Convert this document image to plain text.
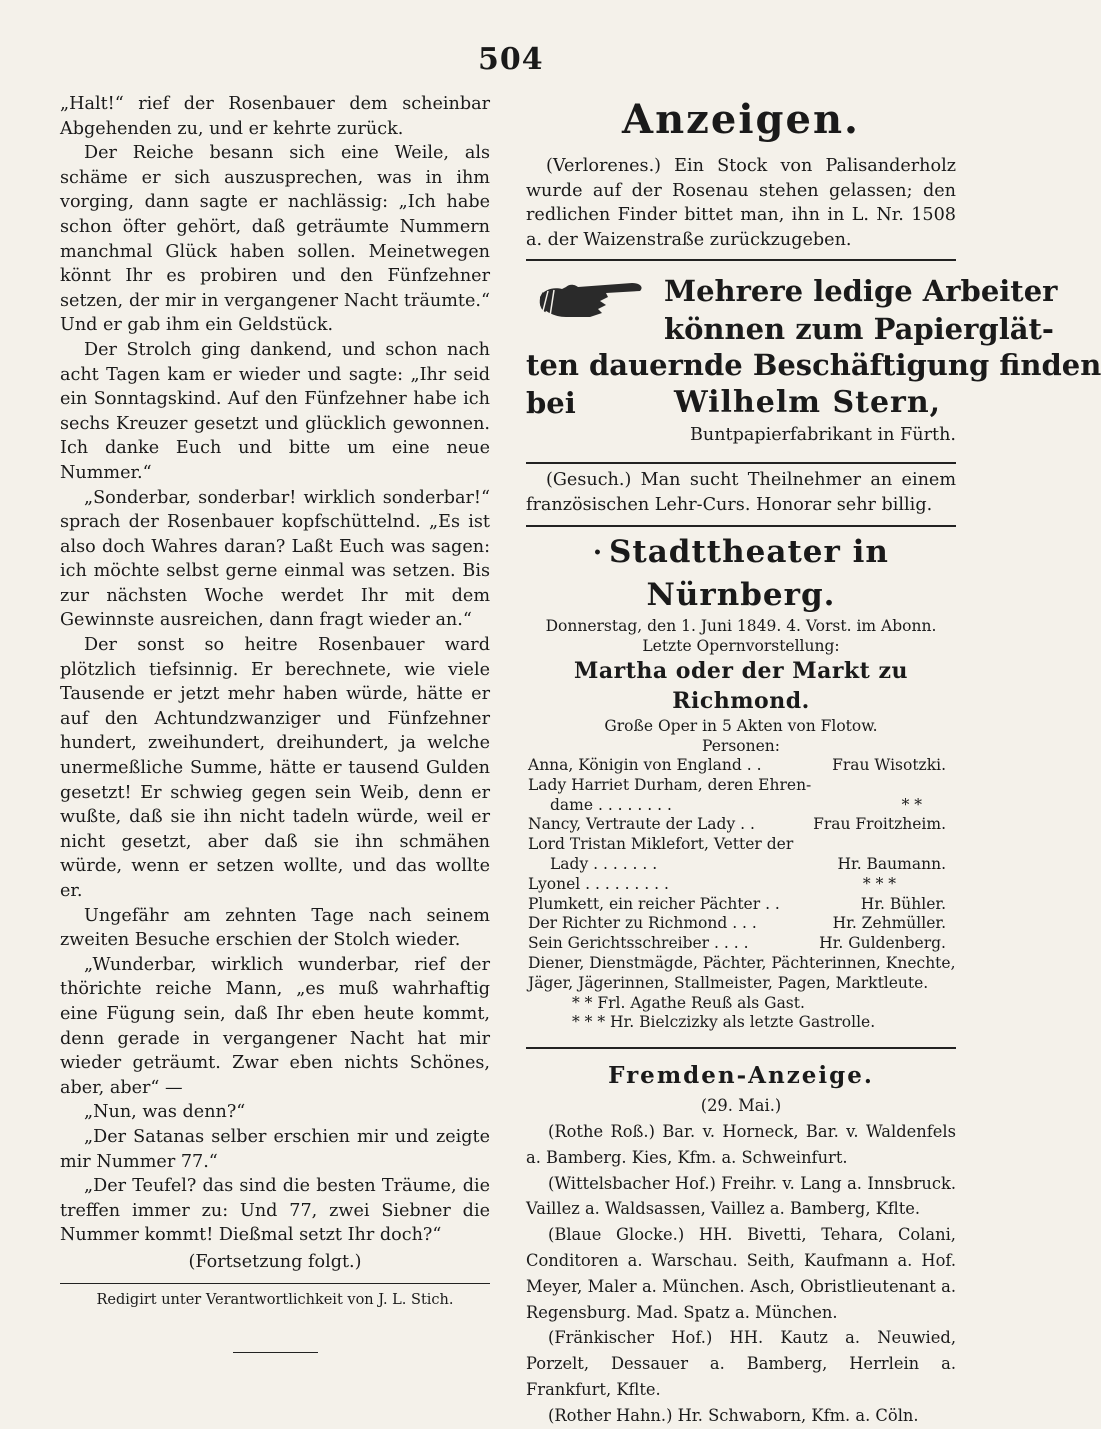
504

„Halt!“ rief der Rosenbauer dem scheinbar Abgehenden zu, und er kehrte zurück.

Der Reiche besann sich eine Weile, als schäme er sich auszusprechen, was in ihm vorging, dann sagte er nachlässig: „Ich habe schon öfter gehört, daß geträumte Nummern manchmal Glück haben sollen. Meinetwegen könnt Ihr es probiren und den Fünfzehner setzen, der mir in vergangener Nacht träumte.“ Und er gab ihm ein Geldstück.

Der Strolch ging dankend, und schon nach acht Tagen kam er wieder und sagte: „Ihr seid ein Sonntagskind. Auf den Fünfzehner habe ich sechs Kreuzer gesetzt und glücklich gewonnen. Ich danke Euch und bitte um eine neue Nummer.“

„Sonderbar, sonderbar! wirklich sonderbar!“ sprach der Rosenbauer kopfschüttelnd. „Es ist also doch Wahres daran? Laßt Euch was sagen: ich möchte selbst gerne einmal was setzen. Bis zur nächsten Woche werdet Ihr mit dem Gewinnste ausreichen, dann fragt wieder an.“

Der sonst so heitre Rosenbauer ward plötzlich tiefsinnig. Er berechnete, wie viele Tausende er jetzt mehr haben würde, hätte er auf den Achtundzwanziger und Fünfzehner hundert, zweihundert, dreihundert, ja welche unermeßliche Summe, hätte er tausend Gulden gesetzt! Er schwieg gegen sein Weib, denn er wußte, daß sie ihn nicht tadeln würde, weil er nicht gesetzt, aber daß sie ihn schmähen würde, wenn er setzen wollte, und das wollte er.

Ungefähr am zehnten Tage nach seinem zweiten Besuche erschien der Stolch wieder.

„Wunderbar, wirklich wunderbar, rief der thörichte reiche Mann, „es muß wahrhaftig eine Fügung sein, daß Ihr eben heute kommt, denn gerade in vergangener Nacht hat mir wieder geträumt. Zwar eben nichts Schönes, aber, aber“ —

„Nun, was denn?“

„Der Satanas selber erschien mir und zeigte mir Nummer 77.“

„Der Teufel? das sind die besten Träume, die treffen immer zu: Und 77, zwei Siebner die Nummer kommt! Dießmal setzt Ihr doch?“

(Fortsetzung folgt.)

Redigirt unter Verantwortlichkeit von J. L. Stich.

Anzeigen.

(Verlorenes.) Ein Stock von Palisanderholz wurde auf der Rosenau stehen gelassen; den redlichen Finder bittet man, ihn in L. Nr. 1508 a. der Waizenstraße zurückzugeben.

Mehrere ledige Arbeiter
können zum Papierglät-
ten dauernde Beschäftigung finden
bei	Wilhelm Stern,
Buntpapierfabrikant in Fürth.

(Gesuch.) Man sucht Theilnehmer an einem französischen Lehr-Curs. Honorar sehr billig.

• Stadttheater in Nürnberg.
Donnerstag, den 1. Juni 1849. 4. Vorst. im Abonn.
Letzte Opernvorstellung:
Martha oder der Markt zu Richmond.
Große Oper in 5 Akten von Flotow.
Personen:
Anna, Königin von England . .	Frau Wisotzki.
Lady Harriet Durham, deren Ehren-
dame . . . . . . . .	* *
Nancy, Vertraute der Lady . .	Frau Froitzheim.
Lord Tristan Miklefort, Vetter der
Lady . . . . . . .	Hr. Baumann.
Lyonel . . . . . . . . .	* * *
Plumkett, ein reicher Pächter . .	Hr. Bühler.
Der Richter zu Richmond . . .	Hr. Zehmüller.
Sein Gerichtsschreiber . . . .	Hr. Guldenberg.
Diener, Dienstmägde, Pächter, Pächterinnen, Knechte, Jäger, Jägerinnen, Stallmeister, Pagen, Marktleute.
* * Frl. Agathe Reuß als Gast.
* * * Hr. Bielczizky als letzte Gastrolle.
Fremden-Anzeige.
(29. Mai.)

(Rothe Roß.) Bar. v. Horneck, Bar. v. Waldenfels a. Bamberg. Kies, Kfm. a. Schweinfurt.

(Wittelsbacher Hof.) Freihr. v. Lang a. Innsbruck. Vaillez a. Waldsassen, Vaillez a. Bamberg, Kflte.

(Blaue Glocke.) HH. Bivetti, Tehara, Colani, Conditoren a. Warschau. Seith, Kaufmann a. Hof. Meyer, Maler a. München. Asch, Obristlieutenant a. Regensburg. Mad. Spatz a. München.

(Fränkischer Hof.) HH. Kautz a. Neuwied, Porzelt, Dessauer a. Bamberg, Herrlein a. Frankfurt, Kflte.

(Rother Hahn.) Hr. Schwaborn, Kfm. a. Cöln.
